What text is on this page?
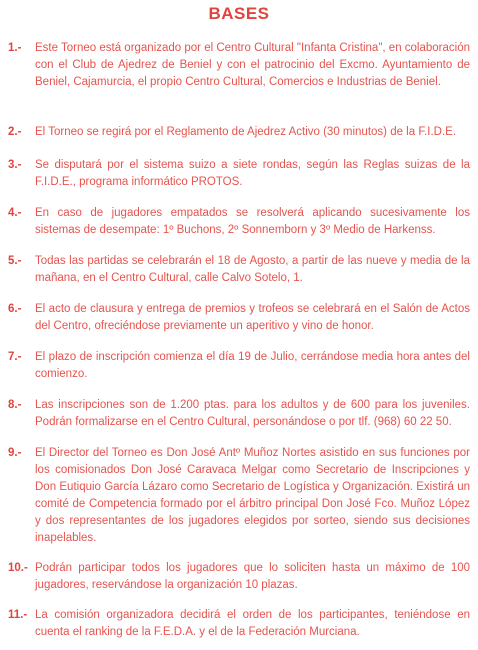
BASES
1.-	Este Torneo está organizado por el Centro Cultural "Infanta Cristina", en colaboración con el Club de Ajedrez de Beniel y con el patrocinio del Excmo. Ayuntamiento de Beniel, Cajamurcia, el propio Centro Cultural, Comercios e Industrias de Beniel.
2.-	El Torneo se regirá por el Reglamento de Ajedrez Activo (30 minutos) de la F.I.D.E.
3.-	Se disputará por el sistema suizo a siete rondas, según las Reglas suizas de la F.I.D.E., programa informático PROTOS.
4.-	En caso de jugadores empatados se resolverá aplicando sucesivamente los sistemas de desempate: 1º Buchons, 2º Sonnemborn y 3º Medio de Harkenss.
5.-	Todas las partidas se celebrarán el 18 de Agosto, a partir de las nueve y media de la mañana, en el Centro Cultural, calle Calvo Sotelo, 1.
6.-	El acto de clausura y entrega de premios y trofeos se celebrará en el Salón de Actos del Centro, ofreciéndose previamente un aperitivo y vino de honor.
7.-	El plazo de inscripción comienza el día 19 de Julio, cerrándose media hora antes del comienzo.
8.-	Las inscripciones son de 1.200 ptas. para los adultos y de 600 para los juveniles. Podrán formalizarse en el Centro Cultural, personándose o por tlf. (968) 60 22 50.
9.-	El Director del Torneo es Don José Antº Muñoz Nortes asistido en sus funciones por los comisionados Don José Caravaca Melgar como Secretario de Inscripciones y Don Eutiquio García Lázaro como Secretario de Logística y Organización. Existirá un comité de Competencia formado por el árbitro principal Don José Fco. Muñoz López y dos representantes de los jugadores elegidos por sorteo, siendo sus decisiones inapelables.
10.- Podrán participar todos los jugadores que lo soliciten hasta un máximo de 100 jugadores, reservándose la organización 10 plazas.
11.- La comisión organizadora decidirá el orden de los participantes, teniéndose en cuenta el ranking de la F.E.D.A. y el de la Federación Murciana.
